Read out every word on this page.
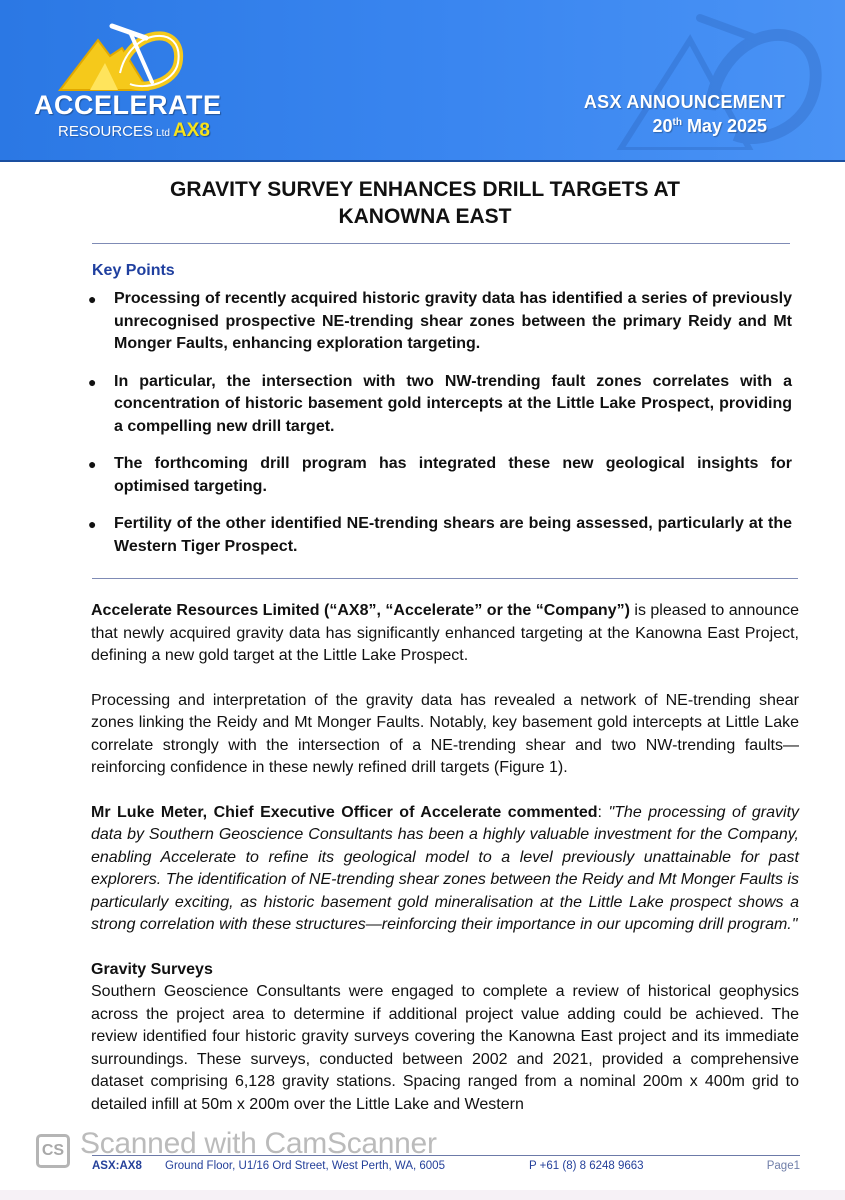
ACCELERATE
RESOURCES Ltd AX8
ASX ANNOUNCEMENT
20th May 2025
GRAVITY SURVEY ENHANCES DRILL TARGETS AT
KANOWNA EAST
Key Points
● Processing of recently acquired historic gravity data has identified a series of previously unrecognised prospective NE-trending shear zones between the primary Reidy and Mt Monger Faults, enhancing exploration targeting.
● In particular, the intersection with two NW-trending fault zones correlates with a concentration of historic basement gold intercepts at the Little Lake Prospect, providing a compelling new drill target.
● The forthcoming drill program has integrated these new geological insights for optimised targeting.
● Fertility of the other identified NE-trending shears are being assessed, particularly at the Western Tiger Prospect.

Accelerate Resources Limited (“AX8”, “Accelerate” or the “Company”) is pleased to announce that newly acquired gravity data has significantly enhanced targeting at the Kanowna East Project, defining a new gold target at the Little Lake Prospect.

Processing and interpretation of the gravity data has revealed a network of NE-trending shear zones linking the Reidy and Mt Monger Faults. Notably, key basement gold intercepts at Little Lake correlate strongly with the intersection of a NE-trending shear and two NW-trending faults—reinforcing confidence in these newly refined drill targets (Figure 1).

Mr Luke Meter, Chief Executive Officer of Accelerate commented: "The processing of gravity data by Southern Geoscience Consultants has been a highly valuable investment for the Company, enabling Accelerate to refine its geological model to a level previously unattainable for past explorers. The identification of NE-trending shear zones between the Reidy and Mt Monger Faults is particularly exciting, as historic basement gold mineralisation at the Little Lake prospect shows a strong correlation with these structures—reinforcing their importance in our upcoming drill program."

Gravity Surveys

Southern Geoscience Consultants were engaged to complete a review of historical geophysics across the project area to determine if additional project value adding could be achieved. The review identified four historic gravity surveys covering the Kanowna East project and its immediate surroundings. These surveys, conducted between 2002 and 2021, provided a comprehensive dataset comprising 6,128 gravity stations. Spacing ranged from a nominal 200m x 400m grid to detailed infill at 50m x 200m over the Little Lake and Western

ASX:AX8 Ground Floor, U1/16 Ord Street, West Perth, WA, 6005	P +61 (8) 8 6248 9663	Page1
CS Scanned with CamScanner
